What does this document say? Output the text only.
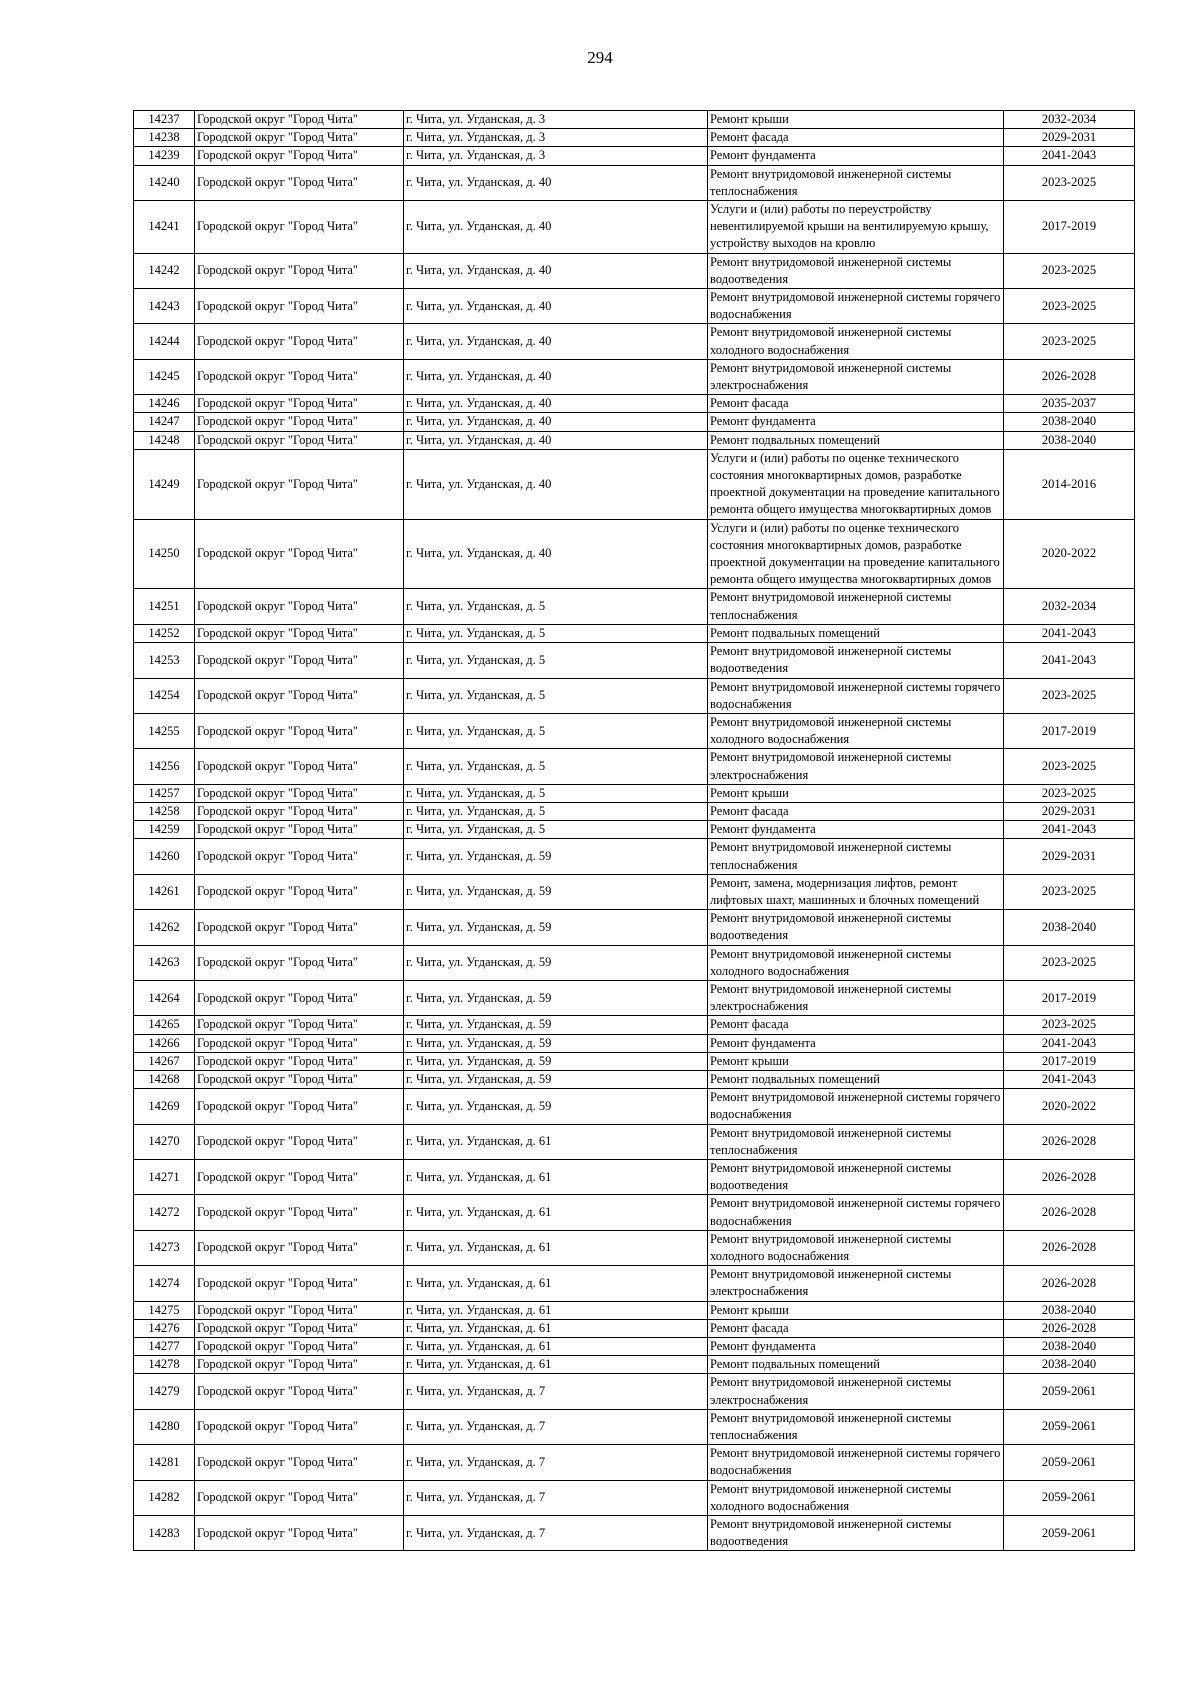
294
14237	Городской округ "Город Чита"	г. Чита, ул. Угданская, д. 3	Ремонт крыши	2032-2034
14238	Городской округ "Город Чита"	г. Чита, ул. Угданская, д. 3	Ремонт фасада	2029-2031
14239	Городской округ "Город Чита"	г. Чита, ул. Угданская, д. 3	Ремонт фундамента	2041-2043
14240	Городской округ "Город Чита"	г. Чита, ул. Угданская, д. 40	Ремонт внутридомовой инженерной системы теплоснабжения	2023-2025
14241	Городской округ "Город Чита"	г. Чита, ул. Угданская, д. 40	Услуги и (или) работы по переустройству невентилируемой крыши на вентилируемую крышу, устройству выходов на кровлю	2017-2019
14242	Городской округ "Город Чита"	г. Чита, ул. Угданская, д. 40	Ремонт внутридомовой инженерной системы водоотведения	2023-2025
14243	Городской округ "Город Чита"	г. Чита, ул. Угданская, д. 40	Ремонт внутридомовой инженерной системы горячего водоснабжения	2023-2025
14244	Городской округ "Город Чита"	г. Чита, ул. Угданская, д. 40	Ремонт внутридомовой инженерной системы холодного водоснабжения	2023-2025
14245	Городской округ "Город Чита"	г. Чита, ул. Угданская, д. 40	Ремонт внутридомовой инженерной системы электроснабжения	2026-2028
14246	Городской округ "Город Чита"	г. Чита, ул. Угданская, д. 40	Ремонт фасада	2035-2037
14247	Городской округ "Город Чита"	г. Чита, ул. Угданская, д. 40	Ремонт фундамента	2038-2040
14248	Городской округ "Город Чита"	г. Чита, ул. Угданская, д. 40	Ремонт подвальных помещений	2038-2040
14249	Городской округ "Город Чита"	г. Чита, ул. Угданская, д. 40	Услуги и (или) работы по оценке технического состояния многоквартирных домов, разработке проектной документации на проведение капитального ремонта общего имущества многоквартирных домов	2014-2016
14250	Городской округ "Город Чита"	г. Чита, ул. Угданская, д. 40	Услуги и (или) работы по оценке технического состояния многоквартирных домов, разработке проектной документации на проведение капитального ремонта общего имущества многоквартирных домов	2020-2022
14251	Городской округ "Город Чита"	г. Чита, ул. Угданская, д. 5	Ремонт внутридомовой инженерной системы теплоснабжения	2032-2034
14252	Городской округ "Город Чита"	г. Чита, ул. Угданская, д. 5	Ремонт подвальных помещений	2041-2043
14253	Городской округ "Город Чита"	г. Чита, ул. Угданская, д. 5	Ремонт внутридомовой инженерной системы водоотведения	2041-2043
14254	Городской округ "Город Чита"	г. Чита, ул. Угданская, д. 5	Ремонт внутридомовой инженерной системы горячего водоснабжения	2023-2025
14255	Городской округ "Город Чита"	г. Чита, ул. Угданская, д. 5	Ремонт внутридомовой инженерной системы холодного водоснабжения	2017-2019
14256	Городской округ "Город Чита"	г. Чита, ул. Угданская, д. 5	Ремонт внутридомовой инженерной системы электроснабжения	2023-2025
14257	Городской округ "Город Чита"	г. Чита, ул. Угданская, д. 5	Ремонт крыши	2023-2025
14258	Городской округ "Город Чита"	г. Чита, ул. Угданская, д. 5	Ремонт фасада	2029-2031
14259	Городской округ "Город Чита"	г. Чита, ул. Угданская, д. 5	Ремонт фундамента	2041-2043
14260	Городской округ "Город Чита"	г. Чита, ул. Угданская, д. 59	Ремонт внутридомовой инженерной системы теплоснабжения	2029-2031
14261	Городской округ "Город Чита"	г. Чита, ул. Угданская, д. 59	Ремонт, замена, модернизация лифтов, ремонт лифтовых шахт, машинных и блочных помещений	2023-2025
14262	Городской округ "Город Чита"	г. Чита, ул. Угданская, д. 59	Ремонт внутридомовой инженерной системы водоотведения	2038-2040
14263	Городской округ "Город Чита"	г. Чита, ул. Угданская, д. 59	Ремонт внутридомовой инженерной системы холодного водоснабжения	2023-2025
14264	Городской округ "Город Чита"	г. Чита, ул. Угданская, д. 59	Ремонт внутридомовой инженерной системы электроснабжения	2017-2019
14265	Городской округ "Город Чита"	г. Чита, ул. Угданская, д. 59	Ремонт фасада	2023-2025
14266	Городской округ "Город Чита"	г. Чита, ул. Угданская, д. 59	Ремонт фундамента	2041-2043
14267	Городской округ "Город Чита"	г. Чита, ул. Угданская, д. 59	Ремонт крыши	2017-2019
14268	Городской округ "Город Чита"	г. Чита, ул. Угданская, д. 59	Ремонт подвальных помещений	2041-2043
14269	Городской округ "Город Чита"	г. Чита, ул. Угданская, д. 59	Ремонт внутридомовой инженерной системы горячего водоснабжения	2020-2022
14270	Городской округ "Город Чита"	г. Чита, ул. Угданская, д. 61	Ремонт внутридомовой инженерной системы теплоснабжения	2026-2028
14271	Городской округ "Город Чита"	г. Чита, ул. Угданская, д. 61	Ремонт внутридомовой инженерной системы водоотведения	2026-2028
14272	Городской округ "Город Чита"	г. Чита, ул. Угданская, д. 61	Ремонт внутридомовой инженерной системы горячего водоснабжения	2026-2028
14273	Городской округ "Город Чита"	г. Чита, ул. Угданская, д. 61	Ремонт внутридомовой инженерной системы холодного водоснабжения	2026-2028
14274	Городской округ "Город Чита"	г. Чита, ул. Угданская, д. 61	Ремонт внутридомовой инженерной системы электроснабжения	2026-2028
14275	Городской округ "Город Чита"	г. Чита, ул. Угданская, д. 61	Ремонт крыши	2038-2040
14276	Городской округ "Город Чита"	г. Чита, ул. Угданская, д. 61	Ремонт фасада	2026-2028
14277	Городской округ "Город Чита"	г. Чита, ул. Угданская, д. 61	Ремонт фундамента	2038-2040
14278	Городской округ "Город Чита"	г. Чита, ул. Угданская, д. 61	Ремонт подвальных помещений	2038-2040
14279	Городской округ "Город Чита"	г. Чита, ул. Угданская, д. 7	Ремонт внутридомовой инженерной системы электроснабжения	2059-2061
14280	Городской округ "Город Чита"	г. Чита, ул. Угданская, д. 7	Ремонт внутридомовой инженерной системы теплоснабжения	2059-2061
14281	Городской округ "Город Чита"	г. Чита, ул. Угданская, д. 7	Ремонт внутридомовой инженерной системы горячего водоснабжения	2059-2061
14282	Городской округ "Город Чита"	г. Чита, ул. Угданская, д. 7	Ремонт внутридомовой инженерной системы холодного водоснабжения	2059-2061
14283	Городской округ "Город Чита"	г. Чита, ул. Угданская, д. 7	Ремонт внутридомовой инженерной системы водоотведения	2059-2061
